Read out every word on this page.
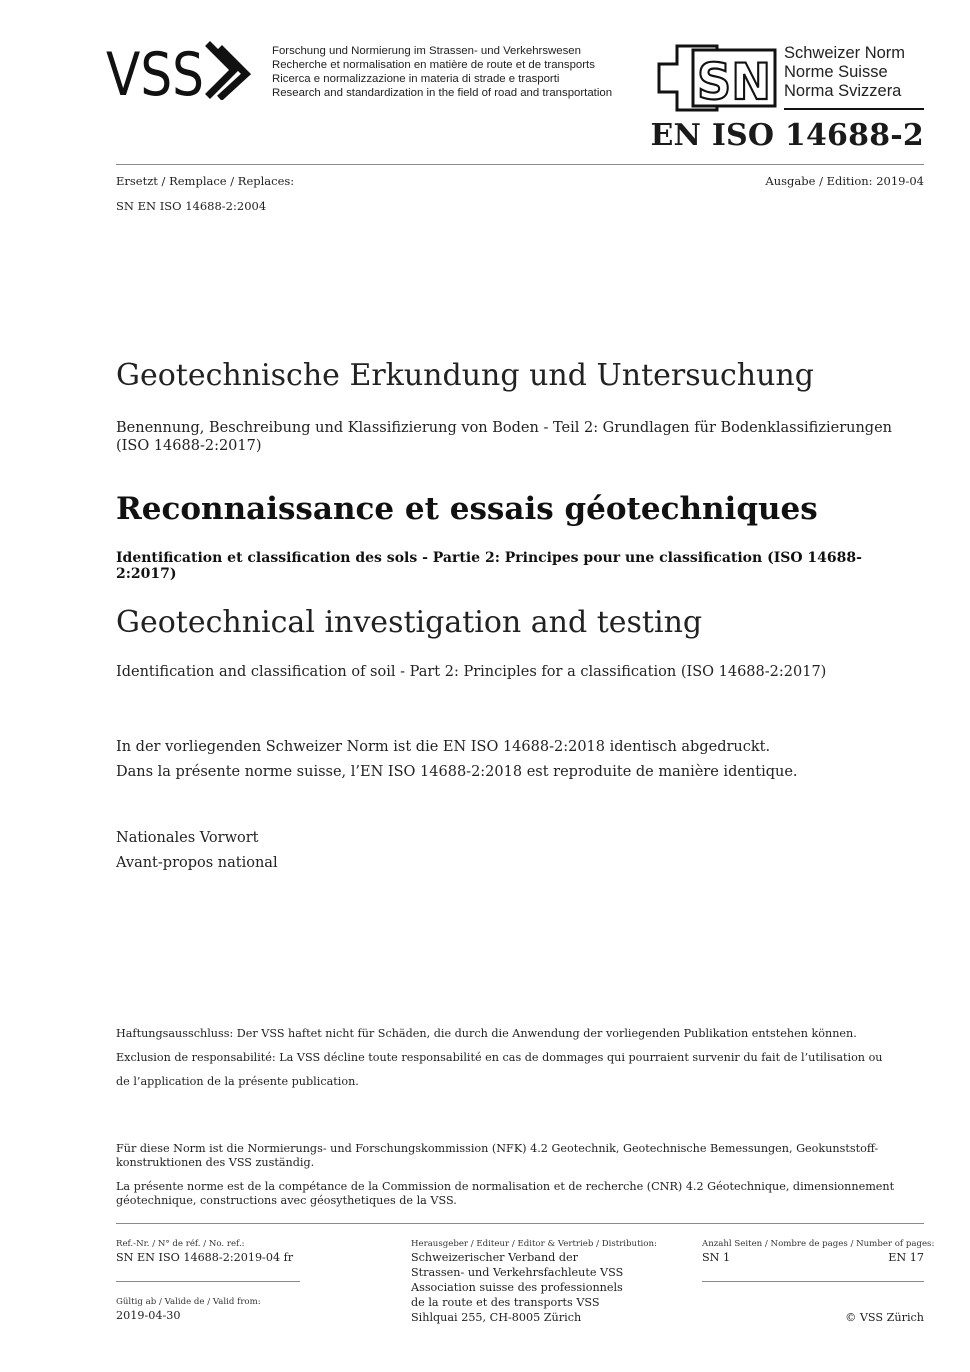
VSS	Forschung und Normierung im Strassen- und Verkehrswesen
Recherche et normalisation en matière de route et de transports
Ricerca e normalizzazione in materia di strade e trasporti
Research and standardization in the field of road and transportation	SN Schweizer Norm
Norme Suisse
Norma Svizzera
EN ISO 14688-2
Ersetzt / Remplace / Replaces:	Ausgabe / Edition: 2019-04
SN EN ISO 14688-2:2004
Geotechnische Erkundung und Untersuchung
Benennung, Beschreibung und Klassifizierung von Boden - Teil 2: Grundlagen für Bodenklassifizierungen (ISO 14688-2:2017)
Reconnaissance et essais géotechniques
Identification et classification des sols - Partie 2: Principes pour une classification (ISO 14688-2:2017)
Geotechnical investigation and testing
Identification and classification of soil - Part 2: Principles for a classification (ISO 14688-2:2017)
In der vorliegenden Schweizer Norm ist die EN ISO 14688-2:2018 identisch abgedruckt.
Dans la présente norme suisse, l’EN ISO 14688-2:2018 est reproduite de manière identique.
Nationales Vorwort
Avant-propos national
Haftungsausschluss: Der VSS haftet nicht für Schäden, die durch die Anwendung der vorliegenden Publikation entstehen können.
Exclusion de responsabilité: La VSS décline toute responsabilité en cas de dommages qui pourraient survenir du fait de l’utilisation ou
de l’application de la présente publication.
Für diese Norm ist die Normierungs- und Forschungskommission (NFK) 4.2 Geotechnik, Geotechnische Bemessungen, Geokunststoff-
konstruktionen des VSS zuständig.
La présente norme est de la compétance de la Commission de normalisation et de recherche (CNR) 4.2 Géotechnique, dimensionnement
géotechnique, constructions avec géosythetiques de la VSS.
Ref.-Nr. / N° de réf. / No. ref.:
SN EN ISO 14688-2:2019-04 fr
Gültig ab / Valide de / Valid from:
2019-04-30
Herausgeber / Editeur / Editor & Vertrieb / Distribution:
Schweizerischer Verband der
Strassen- und Verkehrsfachleute VSS
Association suisse des professionnels
de la route et des transports VSS
Sihlquai 255, CH-8005 Zürich
Anzahl Seiten / Nombre de pages / Number of pages:
SN 1	EN 17
© VSS Zürich
